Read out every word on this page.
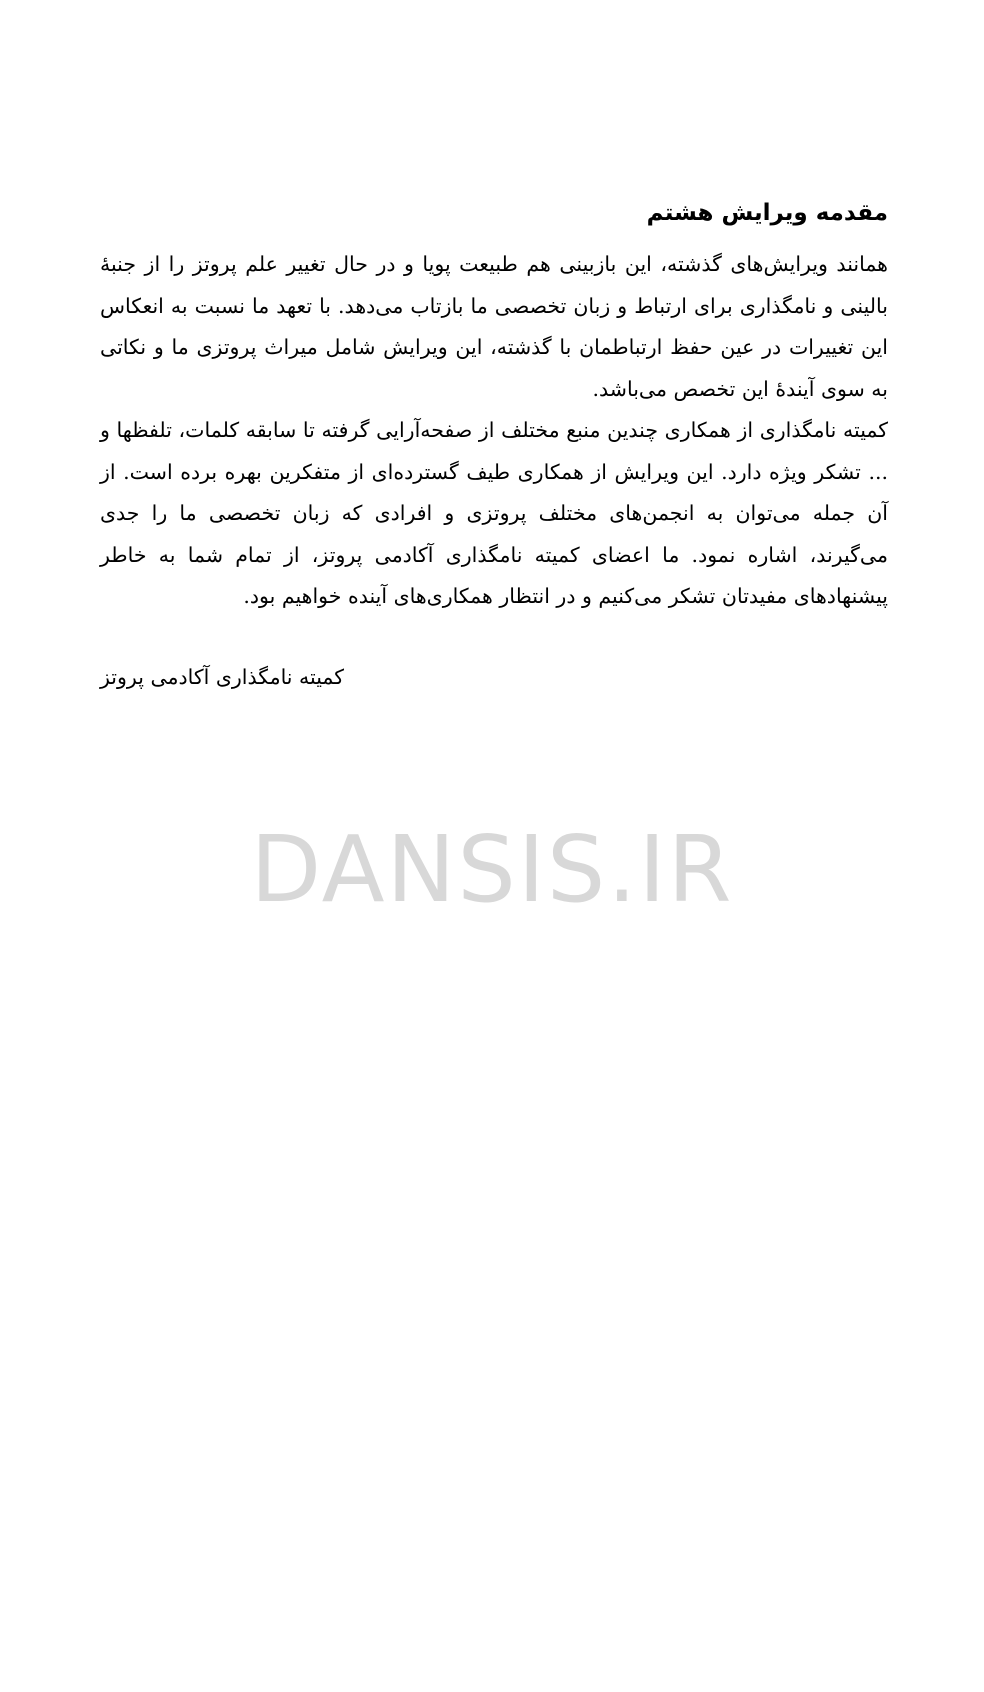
مقدمه ویرایش هشتم

همانند ویرایش‌های گذشته، این بازبینی هم طبیعت پویا و در حال تغییر علم پروتز را از جنبهٔ بالینی و نامگذاری برای ارتباط و زبان تخصصی ما بازتاب می‌دهد. با تعهد ما نسبت به انعکاس این تغییرات در عین حفظ ارتباطمان با گذشته، این ویرایش شامل میراث پروتزی ما و نکاتی به سوی آیندهٔ این تخصص می‌باشد.

کمیته نامگذاری از همکاری چندین منبع مختلف از صفحه‌آرایی گرفته تا سابقه کلمات، تلفظها و ... تشکر ویژه دارد. این ویرایش از همکاری طیف گسترده‌ای از متفکرین بهره برده است. از آن جمله می‌توان به انجمن‌های مختلف پروتزی و افرادی که زبان تخصصی ما را جدی می‌گیرند، اشاره نمود. ما اعضای کمیته نامگذاری آکادمی پروتز، از تمام شما به خاطر پیشنهادهای مفیدتان تشکر می‌کنیم و در انتظار همکاری‌های آینده خواهیم بود.

کمیته نامگذاری آکادمی پروتز
DANSIS.IR
